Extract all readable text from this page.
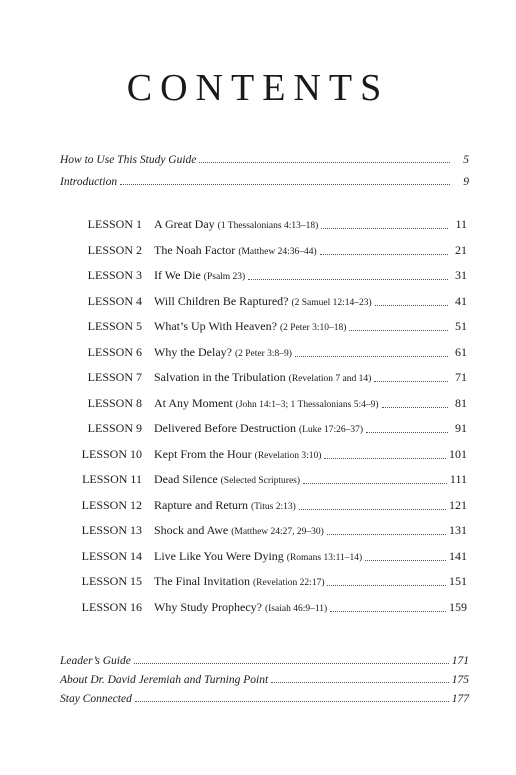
CONTENTS
How to Use This Study Guide	5
Introduction	9
LESSON 1	A Great Day (1 Thessalonians 4:13–18)	11
LESSON 2	The Noah Factor (Matthew 24:36–44)	21
LESSON 3	If We Die (Psalm 23)	31
LESSON 4	Will Children Be Raptured? (2 Samuel 12:14–23)	41
LESSON 5	What’s Up With Heaven? (2 Peter 3:10–18)	51
LESSON 6	Why the Delay? (2 Peter 3:8–9)	61
LESSON 7	Salvation in the Tribulation (Revelation 7 and 14)	71
LESSON 8	At Any Moment (John 14:1–3; 1 Thessalonians 5:4–9)	81
LESSON 9	Delivered Before Destruction (Luke 17:26–37)	91
LESSON 10	Kept From the Hour (Revelation 3:10)	101
LESSON 11	Dead Silence (Selected Scriptures)	111
LESSON 12	Rapture and Return (Titus 2:13)	121
LESSON 13	Shock and Awe (Matthew 24:27, 29–30)	131
LESSON 14	Live Like You Were Dying (Romans 13:11–14)	141
LESSON 15	The Final Invitation (Revelation 22:17)	151
LESSON 16	Why Study Prophecy? (Isaiah 46:9–11)	159
Leader’s Guide	171
About Dr. David Jeremiah and Turning Point	175
Stay Connected	177
